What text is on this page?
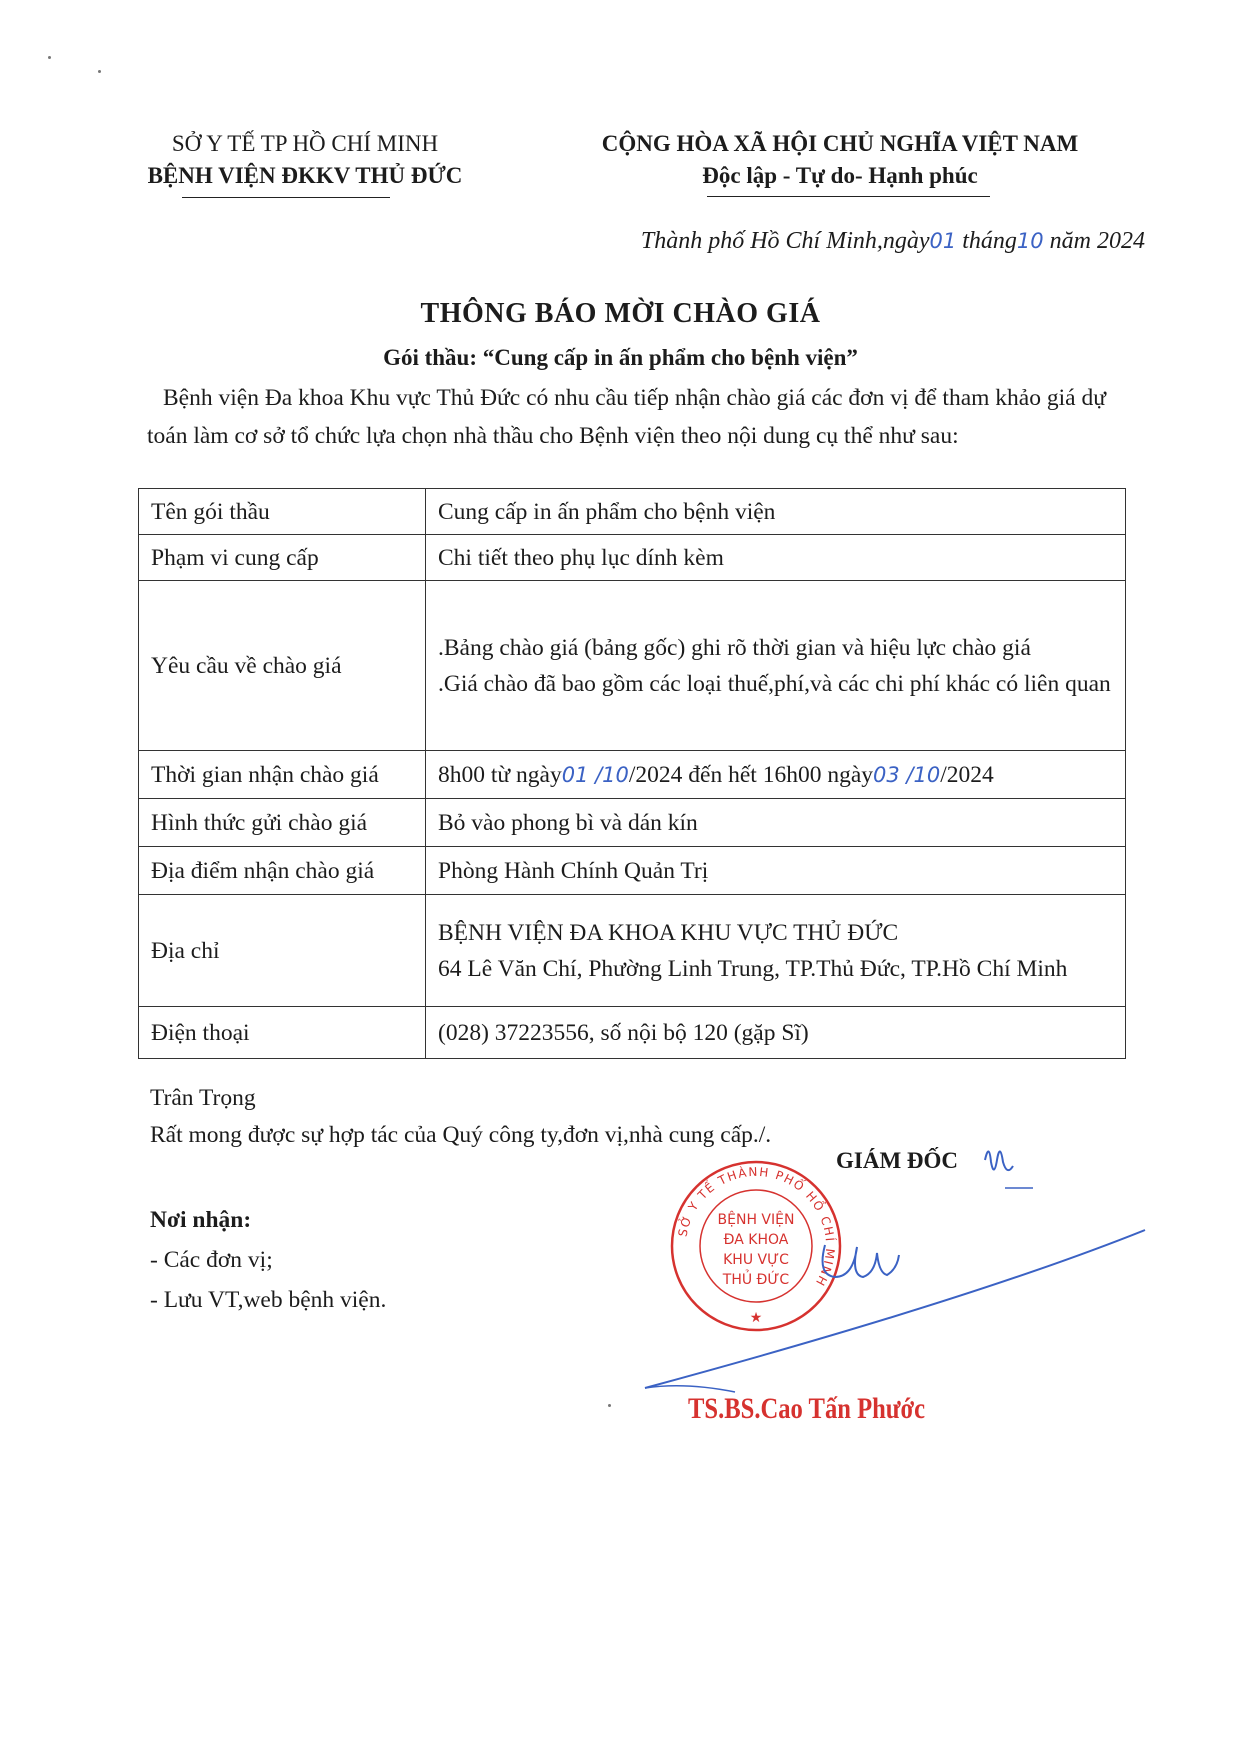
SỞ Y TẾ TP HỒ CHÍ MINH
BỆNH VIỆN ĐKKV THỦ ĐỨC
CỘNG HÒA XÃ HỘI CHỦ NGHĨA VIỆT NAM
Độc lập - Tự do- Hạnh phúc
Thành phố Hồ Chí Minh,ngày01 tháng10 năm 2024
THÔNG BÁO MỜI CHÀO GIÁ
Gói thầu: “Cung cấp in ấn phẩm cho bệnh viện”
Bệnh viện Đa khoa Khu vực Thủ Đức có nhu cầu tiếp nhận chào giá các đơn vị để tham khảo giá dự toán làm cơ sở tổ chức lựa chọn nhà thầu cho Bệnh viện theo nội dung cụ thể như sau:
Tên gói thầu	Cung cấp in ấn phẩm cho bệnh viện
Phạm vi cung cấp	Chi tiết theo phụ lục dính kèm
Yêu cầu về chào giá	.Bảng chào giá (bảng gốc) ghi rõ thời gian và hiệu lực chào giá
.Giá chào đã bao gồm các loại thuế,phí,và các chi phí khác có liên quan

Thời gian nhận chào giá	8h00 từ ngày01 /10/2024 đến hết 16h00 ngày03 /10/2024
Hình thức gửi chào giá	Bỏ vào phong bì và dán kín
Địa điểm nhận chào giá	Phòng Hành Chính Quản Trị
Địa chỉ	BỆNH VIỆN ĐA KHOA KHU VỰC THỦ ĐỨC
64 Lê Văn Chí, Phường Linh Trung, TP.Thủ Đức, TP.Hồ Chí Minh

Điện thoại	(028) 37223556, số nội bộ 120 (gặp Sĩ)
Trân Trọng
Rất mong được sự hợp tác của Quý công ty,đơn vị,nhà cung cấp./.
Nơi nhận:
- Các đơn vị;
- Lưu VT,web bệnh viện.
GIÁM ĐỐC
SỞ Y TẾ THÀNH PHỐ HỒ CHÍ MINH
BỆNH VIỆN
ĐA KHOA
KHU VỰC
THỦ ĐỨC
★
TS.BS.Cao Tấn Phước
